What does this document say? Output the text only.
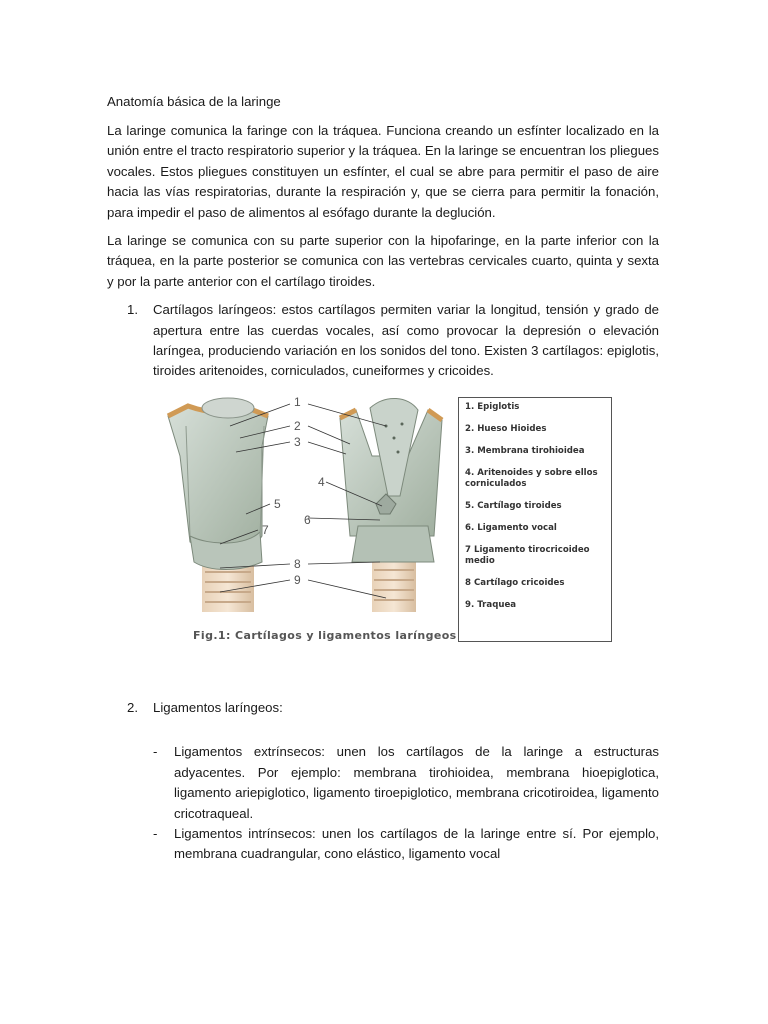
Anatomía básica de la laringe

La laringe comunica la faringe con la tráquea. Funciona creando un esfínter localizado en la unión entre el tracto respiratorio superior y la tráquea. En la laringe se encuentran los pliegues vocales. Estos pliegues constituyen un esfínter, el cual se abre para permitir el paso de aire hacia las vías respiratorias, durante la respiración y, que se cierra para permitir la fonación, para impedir el paso de alimentos al esófago durante la deglución.

La laringe se comunica con su parte superior con la hipofaringe, en la parte inferior con la tráquea, en la parte posterior se comunica con las vertebras cervicales cuarto, quinta y sexta y por la parte anterior con el cartílago tiroides.

1. Cartílagos laríngeos: estos cartílagos permiten variar la longitud, tensión y grado de apertura entre las cuerdas vocales, así como provocar la depresión o elevación laríngea, produciendo variación en los sonidos del tono. Existen 3 cartílagos: epiglotis, tiroides aritenoides, corniculados, cuneiformes y cricoides.
1
2
3
4
5
6
7
8
9
Fig.1: Cartílagos y ligamentos laríngeos
1. Epiglotis
2. Hueso Hioides
3. Membrana tirohioidea
4. Aritenoides y sobre ellos corniculados
5. Cartílago tiroides
6. Ligamento vocal
7 Ligamento tirocricoideo medio
8 Cartílago cricoides
9. Traquea
2. Ligamentos laríngeos:
- Ligamentos extrínsecos: unen los cartílagos de la laringe a estructuras adyacentes. Por ejemplo: membrana tirohioidea, membrana hioepiglotica, ligamento ariepiglotico, ligamento tiroepiglotico, membrana cricotiroidea, ligamento cricotraqueal.
- Ligamentos intrínsecos: unen los cartílagos de la laringe entre sí. Por ejemplo, membrana cuadrangular, cono elástico, ligamento vocal
